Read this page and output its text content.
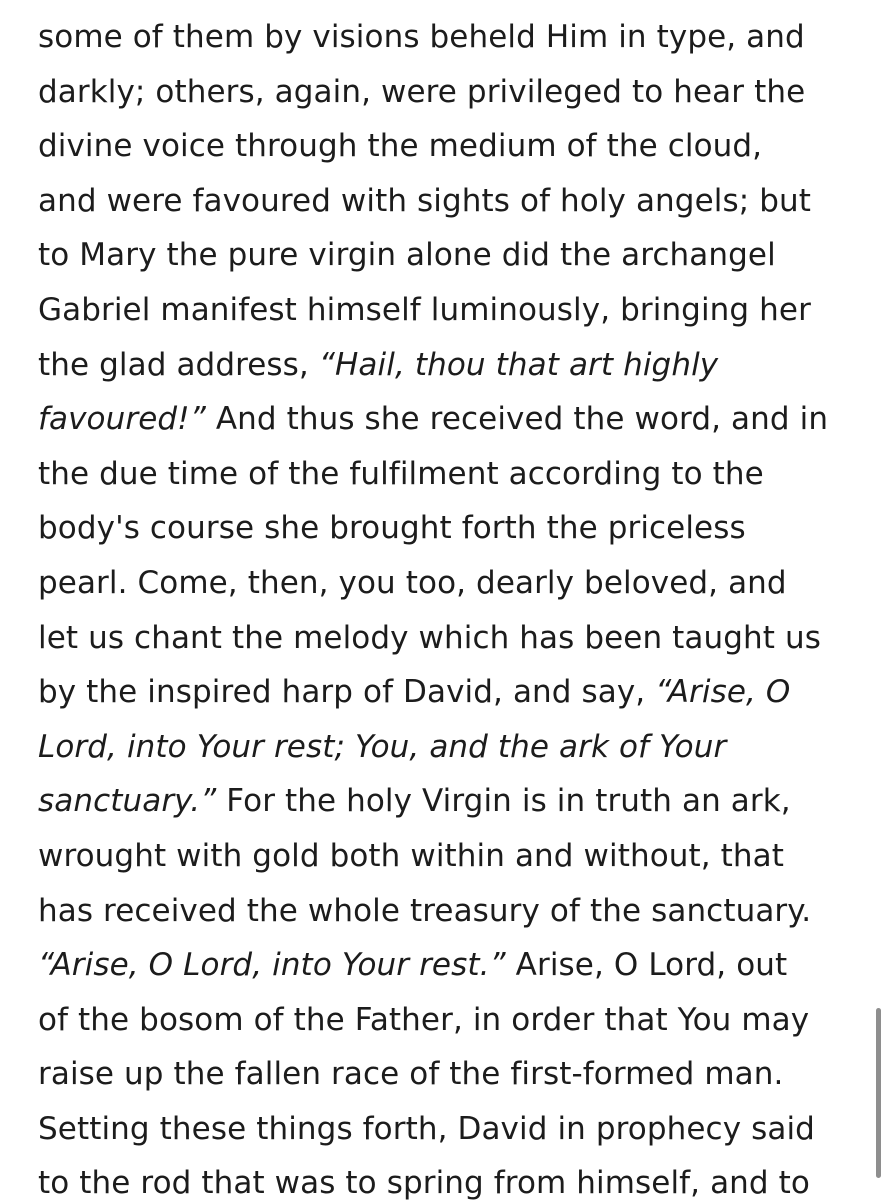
some of them by visions beheld Him in type, and
darkly; others, again, were privileged to hear the
divine voice through the medium of the cloud,
and were favoured with sights of holy angels; but
to Mary the pure virgin alone did the archangel
Gabriel manifest himself luminously, bringing her
the glad address, “Hail, thou that art highly
favoured!” And thus she received the word, and in
the due time of the fulfilment according to the
body's course she brought forth the priceless
pearl. Come, then, you too, dearly beloved, and
let us chant the melody which has been taught us
by the inspired harp of David, and say, “Arise, O
Lord, into Your rest; You, and the ark of Your
sanctuary.” For the holy Virgin is in truth an ark,
wrought with gold both within and without, that
has received the whole treasury of the sanctuary.
“Arise, O Lord, into Your rest.” Arise, O Lord, out
of the bosom of the Father, in order that You may
raise up the fallen race of the first-formed man.
Setting these things forth, David in prophecy said
to the rod that was to spring from himself, and to
